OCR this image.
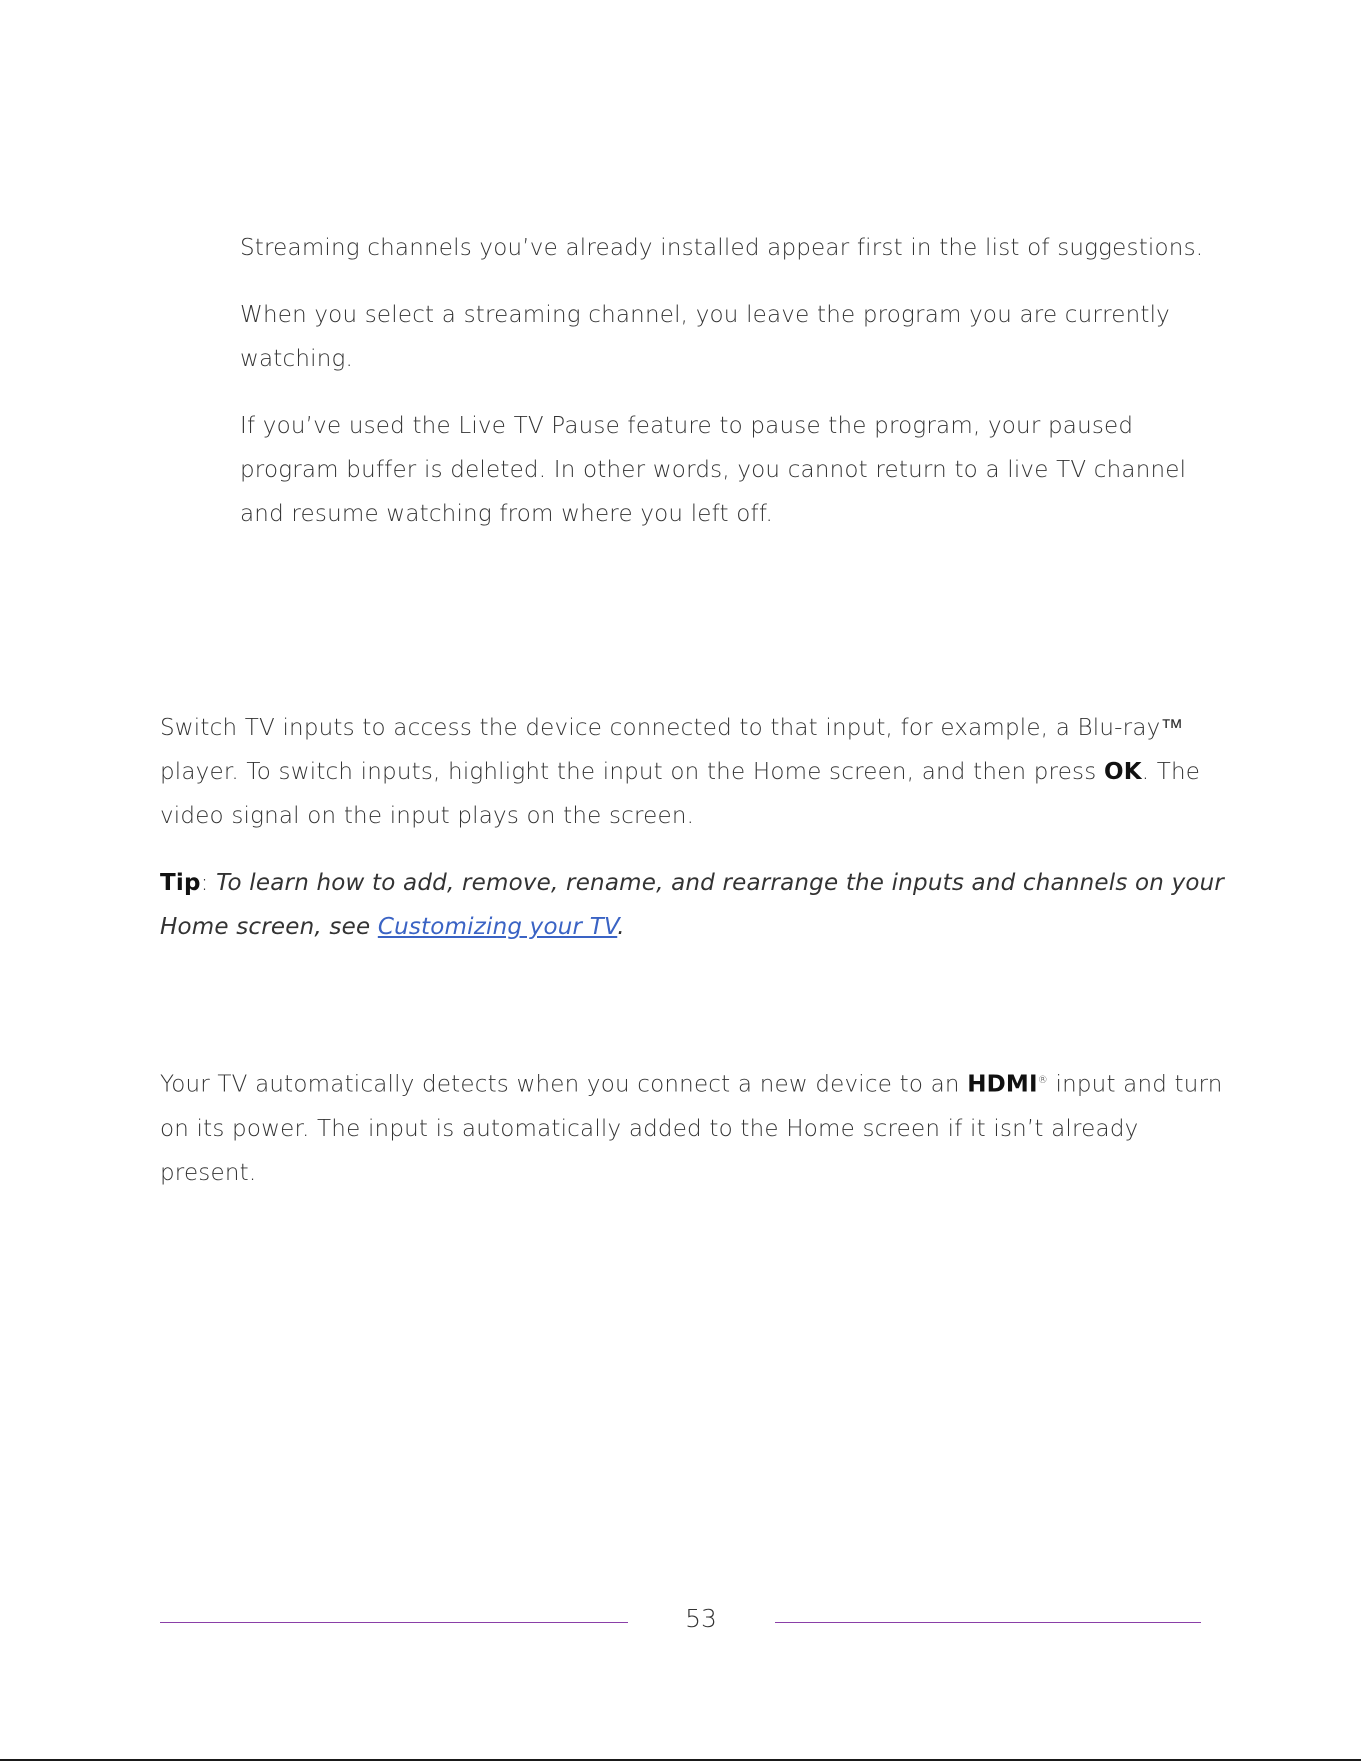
Streaming channels you’ve already installed appear first in the list of suggestions.

When you select a streaming channel, you leave the program you are currently watching.

If you’ve used the Live TV Pause feature to pause the program, your paused program buffer is deleted. In other words, you cannot return to a live TV channel and resume watching from where you left off.

Switch TV inputs to access the device connected to that input, for example, a Blu-ray™ player. To switch inputs, highlight the input on the Home screen, and then press OK. The video signal on the input plays on the screen.

Tip: To learn how to add, remove, rename, and rearrange the inputs and channels on your Home screen, see Customizing your TV.

Your TV automatically detects when you connect a new device to an HDMI® input and turn on its power. The input is automatically added to the Home screen if it isn’t already present.

53
